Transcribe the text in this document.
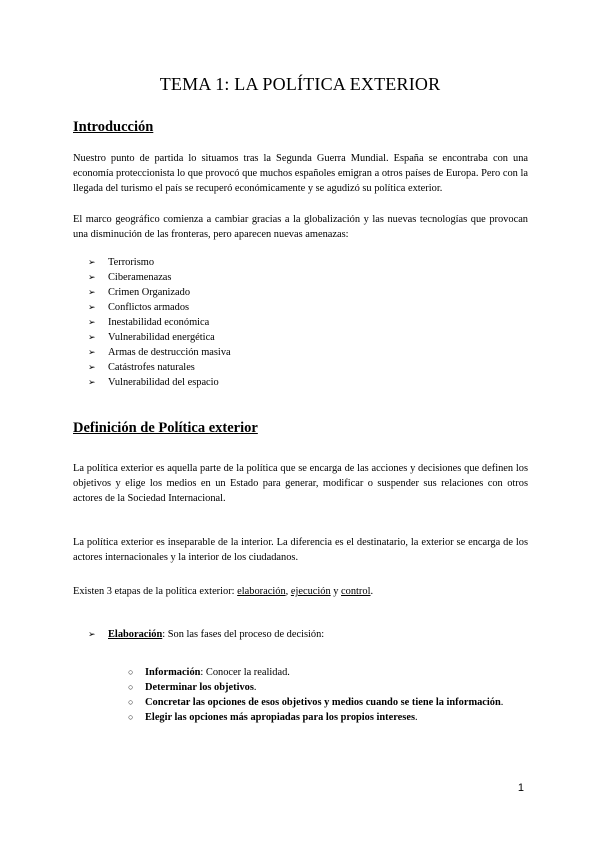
TEMA 1: LA POLÍTICA EXTERIOR
Introducción
Nuestro punto de partida lo situamos tras la Segunda Guerra Mundial. España se encontraba con una economía proteccionista lo que provocó que muchos españoles emigran a otros países de Europa. Pero con la llegada del turismo el país se recuperó económicamente y se agudizó su política exterior.
El marco geográfico comienza a cambiar gracias a la globalización y las nuevas tecnologías que provocan una disminución de las fronteras, pero aparecen nuevas amenazas:
➢	Terrorismo
➢	Ciberamenazas
➢	Crimen Organizado
➢	Conflictos armados
➢	Inestabilidad económica
➢	Vulnerabilidad energética
➢	Armas de destrucción masiva
➢	Catástrofes naturales
➢	Vulnerabilidad del espacio
Definición de Política exterior
La política exterior es aquella parte de la política que se encarga de las acciones y decisiones que definen los objetivos y elige los medios en un Estado para generar, modificar o suspender sus relaciones con otros actores de la Sociedad Internacional.
La política exterior es inseparable de la interior. La diferencia es el destinatario, la exterior se encarga de los actores internacionales y la interior de los ciudadanos.
Existen 3 etapas de la política exterior: elaboración, ejecución y control.
➢ Elaboración: Son las fases del proceso de decisión:
○ Información: Conocer la realidad.
○ Determinar los objetivos.
○ Concretar las opciones de esos objetivos y medios cuando se tiene la información.
○ Elegir las opciones más apropiadas para los propios intereses.
1
